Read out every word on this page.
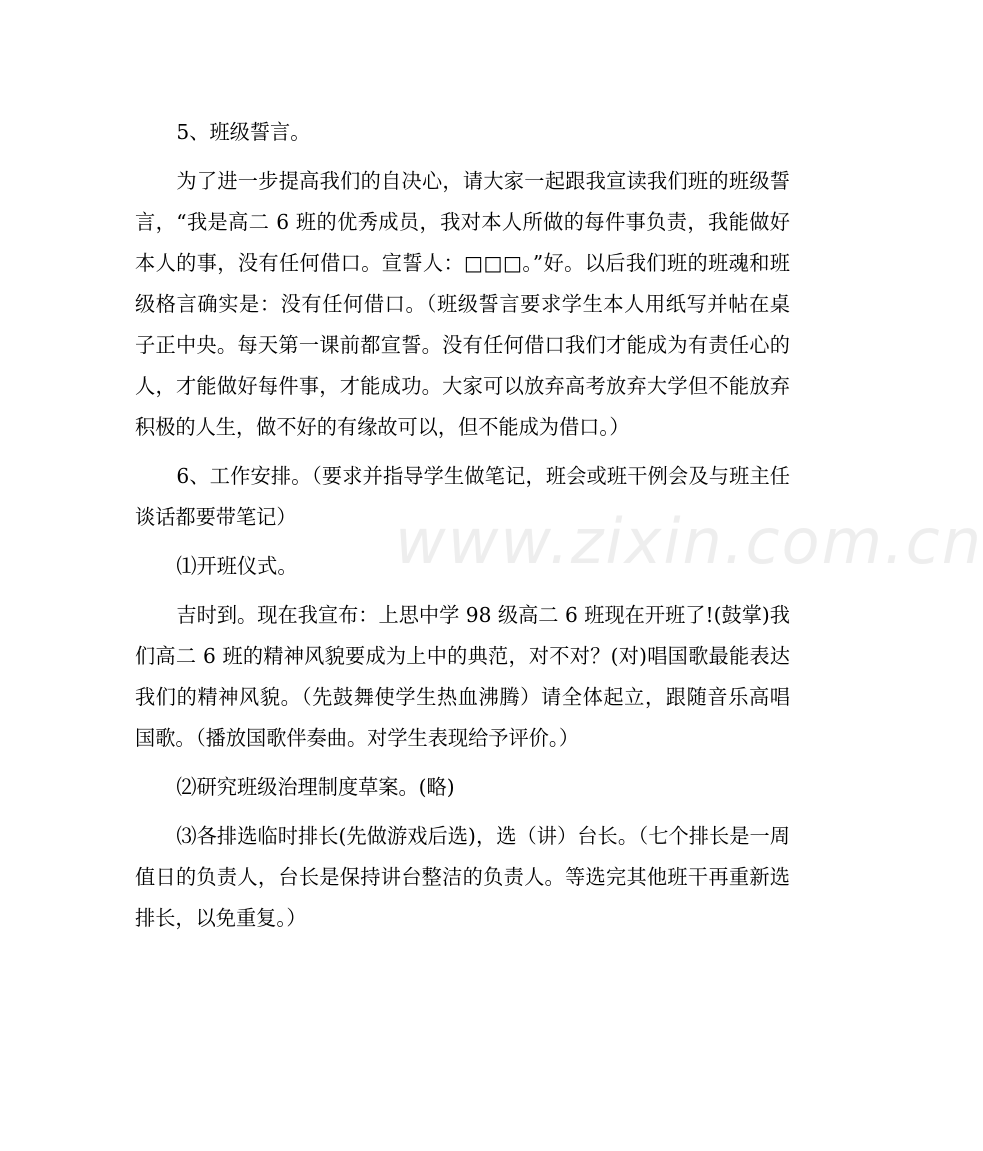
5、班级誓言。

为了进一步提高我们的自决心，请大家一起跟我宣读我们班的班级誓言，“我是高二 6 班的优秀成员，我对本人所做的每件事负责，我能做好本人的事，没有任何借口。宣誓人：□□□。”好。以后我们班的班魂和班级格言确实是：没有任何借口。（班级誓言要求学生本人用纸写并帖在桌子正中央。每天第一课前都宣誓。没有任何借口我们才能成为有责任心的人，才能做好每件事，才能成功。大家可以放弃高考放弃大学但不能放弃积极的人生，做不好的有缘故可以，但不能成为借口。）

6、工作安排。（要求并指导学生做笔记，班会或班干例会及与班主任谈话都要带笔记）

⑴开班仪式。

吉时到。现在我宣布：上思中学 98 级高二 6 班现在开班了!(鼓掌)我们高二 6 班的精神风貌要成为上中的典范，对不对？(对)唱国歌最能表达我们的精神风貌。（先鼓舞使学生热血沸腾）请全体起立，跟随音乐高唱国歌。（播放国歌伴奏曲。对学生表现给予评价。）

⑵研究班级治理制度草案。(略)

⑶各排选临时排长(先做游戏后选)，选（讲）台长。（七个排长是一周值日的负责人，台长是保持讲台整洁的负责人。等选完其他班干再重新选排长，以免重复。）

www.zixin.com.cn
